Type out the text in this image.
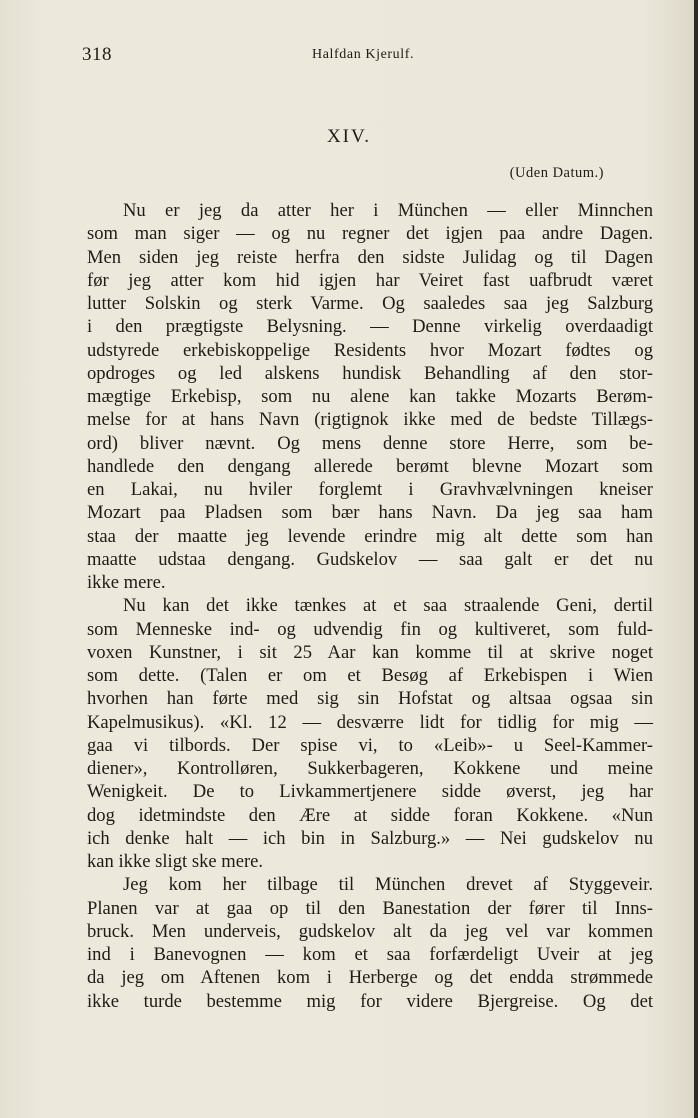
318	Halfdan Kjerulf.
XIV.
(Uden Datum.)
Nu er jeg da atter her i München — eller Minnchen
som man siger — og nu regner det igjen paa andre Dagen.
Men siden jeg reiste herfra den sidste Julidag og til Dagen
før jeg atter kom hid igjen har Veiret fast uafbrudt været
lutter Solskin og sterk Varme. Og saaledes saa jeg Salzburg
i den prægtigste Belysning. — Denne virkelig overdaadigt
udstyrede erkebiskoppelige Residents hvor Mozart fødtes og
opdroges og led alskens hundisk Behandling af den stor-
mægtige Erkebisp, som nu alene kan takke Mozarts Berøm-
melse for at hans Navn (rigtignok ikke med de bedste Tillægs-
ord) bliver nævnt. Og mens denne store Herre, som be-
handlede den dengang allerede berømt blevne Mozart som
en Lakai, nu hviler forglemt i Gravhvælvningen kneiser
Mozart paa Pladsen som bær hans Navn. Da jeg saa ham
staa der maatte jeg levende erindre mig alt dette som han
maatte udstaa dengang. Gudskelov — saa galt er det nu
ikke mere.
Nu kan det ikke tænkes at et saa straalende Geni, dertil
som Menneske ind- og udvendig fin og kultiveret, som fuld-
voxen Kunstner, i sit 25 Aar kan komme til at skrive noget
som dette. (Talen er om et Besøg af Erkebispen i Wien
hvorhen han førte med sig sin Hofstat og altsaa ogsaa sin
Kapelmusikus). «Kl. 12 — desværre lidt for tidlig for mig —
gaa vi tilbords. Der spise vi, to «Leib»- u Seel-Kammer-
diener», Kontrolløren, Sukkerbageren, Kokkene und meine
Wenigkeit. De to Livkammertjenere sidde øverst, jeg har
dog idetmindste den Ære at sidde foran Kokkene. «Nun
ich denke halt — ich bin in Salzburg.» — Nei gudskelov nu
kan ikke sligt ske mere.
Jeg kom her tilbage til München drevet af Styggeveir.
Planen var at gaa op til den Banestation der fører til Inns-
bruck. Men underveis, gudskelov alt da jeg vel var kommen
ind i Banevognen — kom et saa forfærdeligt Uveir at jeg
da jeg om Aftenen kom i Herberge og det endda strømmede
ikke turde bestemme mig for videre Bjergreise. Og det
